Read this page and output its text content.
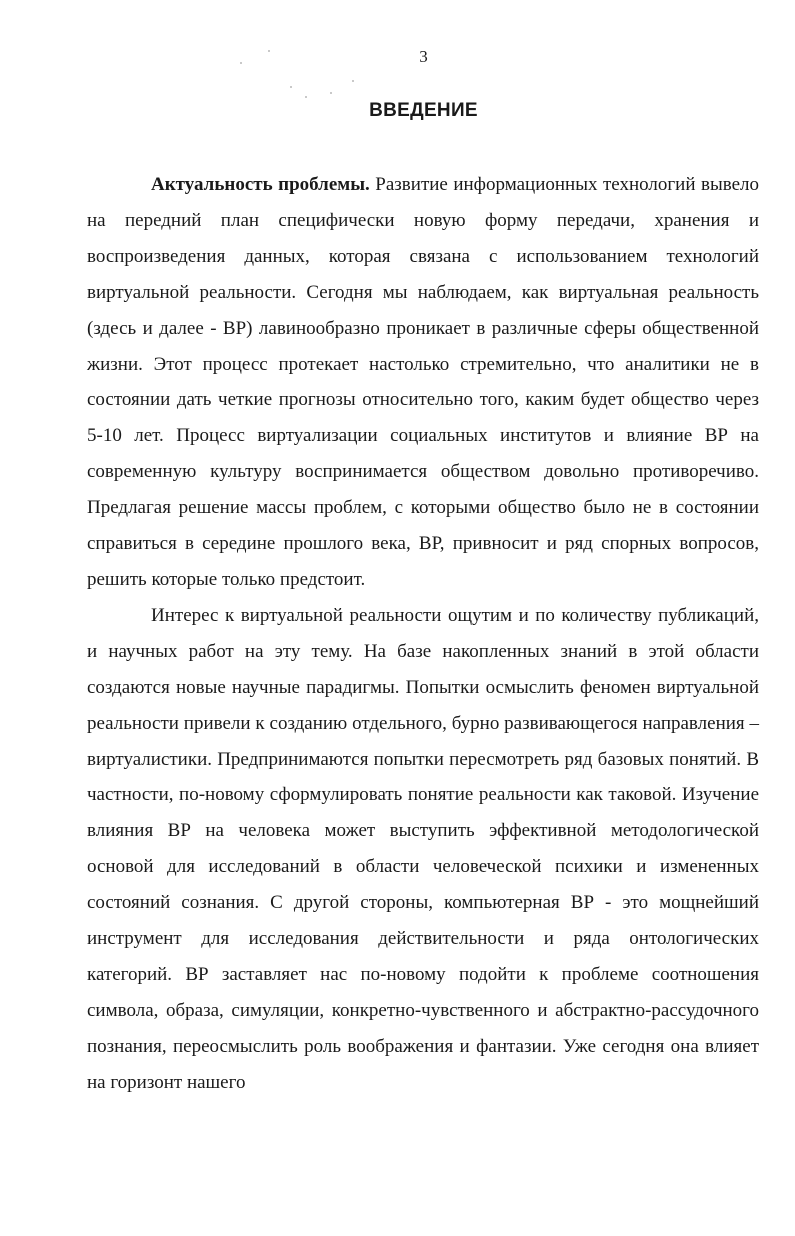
3
ВВЕДЕНИЕ

Актуальность проблемы. Развитие информационных технологий вывело на передний план специфически новую форму передачи, хранения и воспроизведения данных, которая связана с использованием технологий виртуальной реальности. Сегодня мы наблюдаем, как виртуальная реальность (здесь и далее - ВР) лавинообразно проникает в различные сферы общественной жизни. Этот процесс протекает настолько стремительно, что аналитики не в состоянии дать четкие прогнозы относительно того, каким будет общество через 5-10 лет. Процесс виртуализации социальных институтов и влияние ВР на современную культуру воспринимается обществом довольно противоречиво. Предлагая решение массы проблем, с которыми общество было не в состоянии справиться в середине прошлого века, ВР, привносит и ряд спорных вопросов, решить которые только предстоит.

Интерес к виртуальной реальности ощутим и по количеству публикаций, и научных работ на эту тему. На базе накопленных знаний в этой области создаются новые научные парадигмы. Попытки осмыслить феномен виртуальной реальности привели к созданию отдельного, бурно развивающегося направления – виртуалистики. Предпринимаются попытки пересмотреть ряд базовых понятий. В частности, по-новому сформулировать понятие реальности как таковой. Изучение влияния ВР на человека может выступить эффективной методологической основой для исследований в области человеческой психики и измененных состояний сознания. С другой стороны, компьютерная ВР - это мощнейший инструмент для исследования действительности и ряда онтологических категорий. ВР заставляет нас по-новому подойти к проблеме соотношения символа, образа, симуляции, конкретно-чувственного и абстрактно-рассудочного познания, переосмыслить роль воображения и фантазии. Уже сегодня она влияет на горизонт нашего
